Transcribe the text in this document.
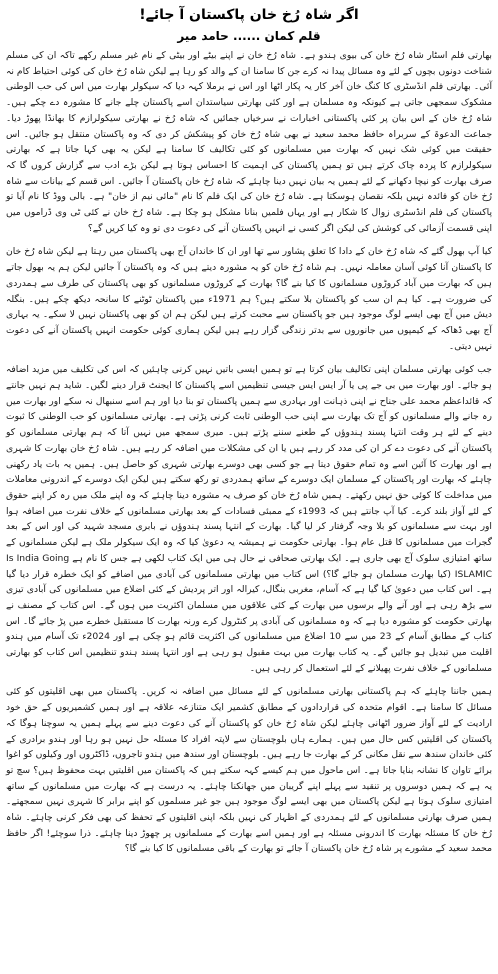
اگر شاہ رُخ خان پاکستان آ جائے!
قلم کمان ...... حامد میر

بھارتی فلم اسٹار شاہ رُخ خان کی بیوی ہندو ہے۔ شاہ رُخ خان نے اپنے بیٹے اور بیٹی کے نام غیر مسلم رکھے تاکہ ان کی مسلم شناخت دونوں بچوں کے لئے وہ مسائل پیدا نہ کرے جن کا سامنا ان کے والد کو رہا ہے لیکن شاہ رُخ خان کی کوئی احتیاط کام نہ آئی۔ بھارتی فلم انڈسٹری کا کنگ خان آخر کار یہ پکار اٹھا اور اس نے برملا کہہ دیا کہ سیکولر بھارت میں اس کی حب الوطنی مشکوک سمجھی جاتی ہے کیونکہ وہ مسلمان ہے اور کئی بھارتی سیاستدان اسے پاکستان چلے جانے کا مشورہ دے چکے ہیں۔ شاہ رُخ خان کے اس بیان پر کئی پاکستانی اخبارات نے سرخیاں جمائیں کہ شاہ رُخ نے بھارتی سیکولرازم کا بھانڈا پھوڑ دیا۔ جماعت الدعوۃ کے سربراہ حافظ محمد سعید نے بھی شاہ رُخ خان کو پیشکش کر دی کہ وہ پاکستان منتقل ہو جائیں۔ اس حقیقت میں کوئی شک نہیں کہ بھارت میں مسلمانوں کو کئی تکالیف کا سامنا ہے لیکن یہ بھی کہا جاتا ہے کہ بھارتی سیکولرازم کا پردہ چاک کرتے ہیں تو ہمیں پاکستان کی اہمیت کا احساس ہوتا ہے لیکن بڑے ادب سے گزارش کروں گا کہ صرف بھارت کو نیچا دکھانے کے لئے ہمیں یہ بیان نہیں دینا چاہئے کہ شاہ رُخ خان پاکستان آ جائیں۔ اس قسم کے بیانات سے شاہ رُخ خان کو فائدہ نہیں بلکہ نقصان ہوسکتا ہے۔ شاہ رُخ خان کی ایک فلم کا نام "مائی نیم از خان" ہے۔ بالی ووڈ کا نام آیا تو پاکستان کی فلم انڈسٹری زوال کا شکار ہے اور یہاں فلمیں بنانا مشکل ہو چکا ہے۔ شاہ رُخ خان نے کئی ٹی وی ڈراموں میں اپنی قسمت آزمائی کی کوشش کی لیکن اگر کسی نے انہیں پاکستان آنے کی دعوت دی تو وہ کیا کریں گے؟

کیا آپ بھول گئے کہ شاہ رُخ خان کے دادا کا تعلق پشاور سے تھا اور ان کا خاندان آج بھی پاکستان میں رہتا ہے لیکن شاہ رُخ خان کا پاکستان آنا کوئی آسان معاملہ نہیں۔ ہم شاہ رُخ خان کو یہ مشورہ دیتے ہیں کہ وہ پاکستان آ جائیں لیکن ہم یہ بھول جاتے ہیں کہ بھارت میں آباد کروڑوں مسلمانوں کا کیا بنے گا؟ بھارت کے کروڑوں مسلمانوں کو بھی پاکستان کی طرف سے ہمدردی کی ضرورت ہے۔ کیا ہم ان سب کو پاکستان بلا سکتے ہیں؟ ہم 1971ء میں پاکستان ٹوٹنے کا سانحہ دیکھ چکے ہیں۔ بنگلہ دیش میں آج بھی ایسے لوگ موجود ہیں جو پاکستان سے محبت کرتے ہیں لیکن ہم ان کو بھی پاکستان نہیں لا سکے۔ یہ بہاری آج بھی ڈھاکہ کے کیمپوں میں جانوروں سے بدتر زندگی گزار رہے ہیں لیکن ہماری کوئی حکومت انہیں پاکستان آنے کی دعوت نہیں دیتی۔

جب کوئی بھارتی مسلمان اپنی تکالیف بیان کرتا ہے تو ہمیں ایسی باتیں نہیں کرنی چاہئیں کہ اس کی تکلیف میں مزید اضافہ ہو جائے۔ اور بھارت میں بی جے پی یا آر ایس ایس جیسی تنظیمیں اسے پاکستان کا ایجنٹ قرار دینے لگیں۔ شاید ہم نہیں جانتے کہ قائداعظم محمد علی جناح نے اپنی ذہانت اور بہادری سے ہمیں پاکستان تو بنا دیا اور ہم اسے سنبھال نہ سکے اور بھارت میں رہ جانے والے مسلمانوں کو آج تک بھارت سے اپنی حب الوطنی ثابت کرنی پڑتی ہے۔ بھارتی مسلمانوں کو حب الوطنی کا ثبوت دینے کے لئے ہر وقت انتہا پسند ہندوؤں کے طعنے سننے پڑتے ہیں۔ میری سمجھ میں نہیں آتا کہ ہم بھارتی مسلمانوں کو پاکستان آنے کی دعوت دے کر ان کی مدد کر رہے ہیں یا ان کی مشکلات میں اضافہ کر رہے ہیں۔ شاہ رُخ خان بھارت کا شہری ہے اور بھارت کا آئین اسے وہ تمام حقوق دیتا ہے جو کسی بھی دوسرے بھارتی شہری کو حاصل ہیں۔ ہمیں یہ بات یاد رکھنی چاہئے کہ بھارت اور پاکستان کے مسلمان ایک دوسرے کے ساتھ ہمدردی تو رکھ سکتے ہیں لیکن ایک دوسرے کے اندرونی معاملات میں مداخلت کا کوئی حق نہیں رکھتے۔ ہمیں شاہ رُخ خان کو صرف یہ مشورہ دینا چاہئے کہ وہ اپنے ملک میں رہ کر اپنے حقوق کے لئے آواز بلند کرے۔ کیا آپ جانتے ہیں کہ 1993ء کے ممبئی فسادات کے بعد بھارتی مسلمانوں کے خلاف نفرت میں اضافہ ہوا اور بہت سے مسلمانوں کو بلا وجہ گرفتار کر لیا گیا۔ بھارت کے انتہا پسند ہندوؤں نے بابری مسجد شہید کی اور اس کے بعد گجرات میں مسلمانوں کا قتل عام ہوا۔ بھارتی حکومت نے ہمیشہ یہ دعویٰ کیا کہ وہ ایک سیکولر ملک ہے لیکن مسلمانوں کے ساتھ امتیازی سلوک آج بھی جاری ہے۔ ایک بھارتی صحافی نے حال ہی میں ایک کتاب لکھی ہے جس کا نام ہے Is India Going ISLAMIC (کیا بھارت مسلمان ہو جائے گا؟) اس کتاب میں بھارتی مسلمانوں کی آبادی میں اضافے کو ایک خطرہ قرار دیا گیا ہے۔ اس کتاب میں دعویٰ کیا گیا ہے کہ آسام، مغربی بنگال، کیرالہ اور اتر پردیش کے کئی اضلاع میں مسلمانوں کی آبادی تیزی سے بڑھ رہی ہے اور آنے والے برسوں میں بھارت کے کئی علاقوں میں مسلمان اکثریت میں ہوں گے۔ اس کتاب کے مصنف نے بھارتی حکومت کو مشورہ دیا ہے کہ وہ مسلمانوں کی آبادی پر کنٹرول کرے ورنہ بھارت کا مستقبل خطرے میں پڑ جائے گا۔ اس کتاب کے مطابق آسام کے 23 میں سے 10 اضلاع میں مسلمانوں کی اکثریت قائم ہو چکی ہے اور 2024ء تک آسام میں ہندو اقلیت میں تبدیل ہو جائیں گے۔ یہ کتاب بھارت میں بہت مقبول ہو رہی ہے اور انتہا پسند ہندو تنظیمیں اس کتاب کو بھارتی مسلمانوں کے خلاف نفرت پھیلانے کے لئے استعمال کر رہی ہیں۔

ہمیں جاننا چاہئے کہ ہم پاکستانی بھارتی مسلمانوں کے لئے مسائل میں اضافہ نہ کریں۔ پاکستان میں بھی اقلیتوں کو کئی مسائل کا سامنا ہے۔ اقوام متحدہ کی قراردادوں کے مطابق کشمیر ایک متنازعہ علاقہ ہے اور ہمیں کشمیریوں کے حق خود ارادیت کے لئے آواز ضرور اٹھانی چاہئے لیکن شاہ رُخ خان کو پاکستان آنے کی دعوت دینے سے پہلے ہمیں یہ سوچنا ہوگا کہ پاکستان کی اقلیتیں کس حال میں ہیں۔ ہمارے ہاں بلوچستان سے لاپتہ افراد کا مسئلہ حل نہیں ہو رہا اور ہندو برادری کے کئی خاندان سندھ سے نقل مکانی کر کے بھارت جا رہے ہیں۔ بلوچستان اور سندھ میں ہندو تاجروں، ڈاکٹروں اور وکیلوں کو اغوا برائے تاوان کا نشانہ بنایا جاتا ہے۔ اس ماحول میں ہم کیسے کہہ سکتے ہیں کہ پاکستان میں اقلیتیں بہت محفوظ ہیں؟ سچ تو یہ ہے کہ ہمیں دوسروں پر تنقید سے پہلے اپنے گریبان میں جھانکنا چاہئے۔ یہ درست ہے کہ بھارت میں مسلمانوں کے ساتھ امتیازی سلوک ہوتا ہے لیکن پاکستان میں بھی ایسے لوگ موجود ہیں جو غیر مسلموں کو اپنے برابر کا شہری نہیں سمجھتے۔ ہمیں صرف بھارتی مسلمانوں کے لئے ہمدردی کے اظہار کی نہیں بلکہ اپنی اقلیتوں کے تحفظ کی بھی فکر کرنی چاہئے۔ شاہ رُخ خان کا مسئلہ بھارت کا اندرونی مسئلہ ہے اور ہمیں اسے بھارت کے مسلمانوں پر چھوڑ دینا چاہئے۔ ذرا سوچئے! اگر حافظ محمد سعید کے مشورے پر شاہ رُخ خان پاکستان آ جائے تو بھارت کے باقی مسلمانوں کا کیا بنے گا؟
